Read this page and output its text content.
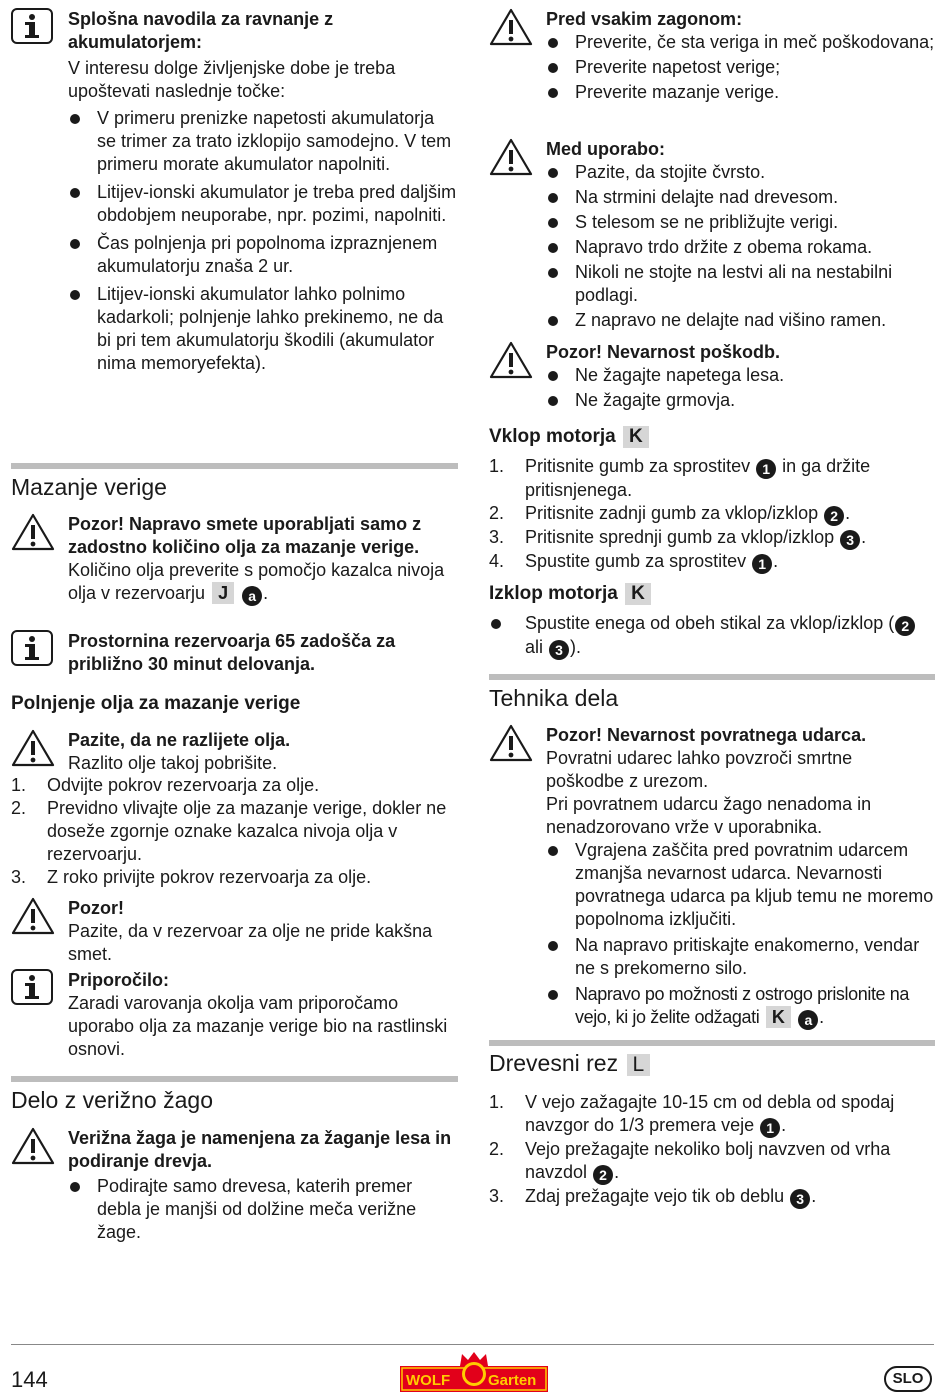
Splošna navodila za ravnanje z akumulatorjem:
V interesu dolge življenjske dobe je treba upoštevati naslednje točke:
V primeru prenizke napetosti akumulatorja se trimer za trato izklopijo samodejno. V tem primeru morate akumulator napolniti.
Litijev-ionski akumulator je treba pred daljšim obdobjem neuporabe, npr. pozimi, napolniti.
Čas polnjenja pri popolnoma izpraznjenem akumulatorju znaša 2 ur.
Litijev-ionski akumulator lahko polnimo kadarkoli; polnjenje lahko prekinemo, ne da bi pri tem akumulatorju škodili (akumulator nima memoryefekta).
Mazanje verige
Pozor! Napravo smete uporabljati samo z zadostno količino olja za mazanje verige.
Količino olja preverite s pomočjo kazalca nivoja olja v rezervoarju J a .
Prostornina rezervoarja 65 zadošča za približno 30 minut delovanja.
Polnjenje olja za mazanje verige
Pazite, da ne razlijete olja.
Razlito olje takoj pobrišite.
1. Odvijte pokrov rezervoarja za olje.
2. Previdno vlivajte olje za mazanje verige, dokler ne doseže zgornje oznake kazalca nivoja olja v rezervoarju.
3. Z roko privijte pokrov rezervoarja za olje.
Pozor!
Pazite, da v rezervoar za olje ne pride kakšna smet.
Priporočilo:
Zaradi varovanja okolja vam priporočamo uporabo olja za mazanje verige bio na rastlinski osnovi.
Delo z verižno žago
Verižna žaga je namenjena za žaganje lesa in podiranje drevja.
Podirajte samo drevesa, katerih premer debla je manjši od dolžine meča verižne žage.
Pred vsakim zagonom:
Preverite, če sta veriga in meč poškodovana;
Preverite napetost verige;
Preverite mazanje verige.
Med uporabo:
Pazite, da stojite čvrsto.
Na strmini delajte nad drevesom.
S telesom se ne približujte verigi.
Napravo trdo držite z obema rokama.
Nikoli ne stojte na lestvi ali na nestabilni podlagi.
Z napravo ne delajte nad višino ramen.
Pozor! Nevarnost poškodb.
Ne žagajte napetega lesa.
Ne žagajte grmovja.
Vklop motorja K
1. Pritisnite gumb za sprostitev 1 in ga držite pritisnjenega.
2. Pritisnite zadnji gumb za vklop/izklop 2 .
3. Pritisnite sprednji gumb za vklop/izklop 3 .
4. Spustite gumb za sprostitev 1 .
Izklop motorja K
Spustite enega od obeh stikal za vklop/izklop ( 2 ali 3 ).
Tehnika dela
Pozor! Nevarnost povratnega udarca.
Povratni udarec lahko povzroči smrtne poškodbe z urezom.
Pri povratnem udarcu žago nenadoma in nenadzorovano vrže v uporabnika.
Vgrajena zaščita pred povratnim udarcem zmanjša nevarnost udarca. Nevarnosti povratnega udarca pa kljub temu ne moremo popolnoma izključiti.
Na napravo pritiskajte enakomerno, vendar ne s prekomerno silo.
Napravo po možnosti z ostrogo prislonite na vejo, ki jo želite odžagati K a .
Drevesni rez L
1. V vejo zažagajte 10-15 cm od debla od spodaj navzgor do 1/3 premera veje 1 .
2. Vejo prežagajte nekoliko bolj navzven od vrha navzdol 2 .
3. Zdaj prežagajte vejo tik ob deblu 3 .
144	WOLF	Garten	SLO
